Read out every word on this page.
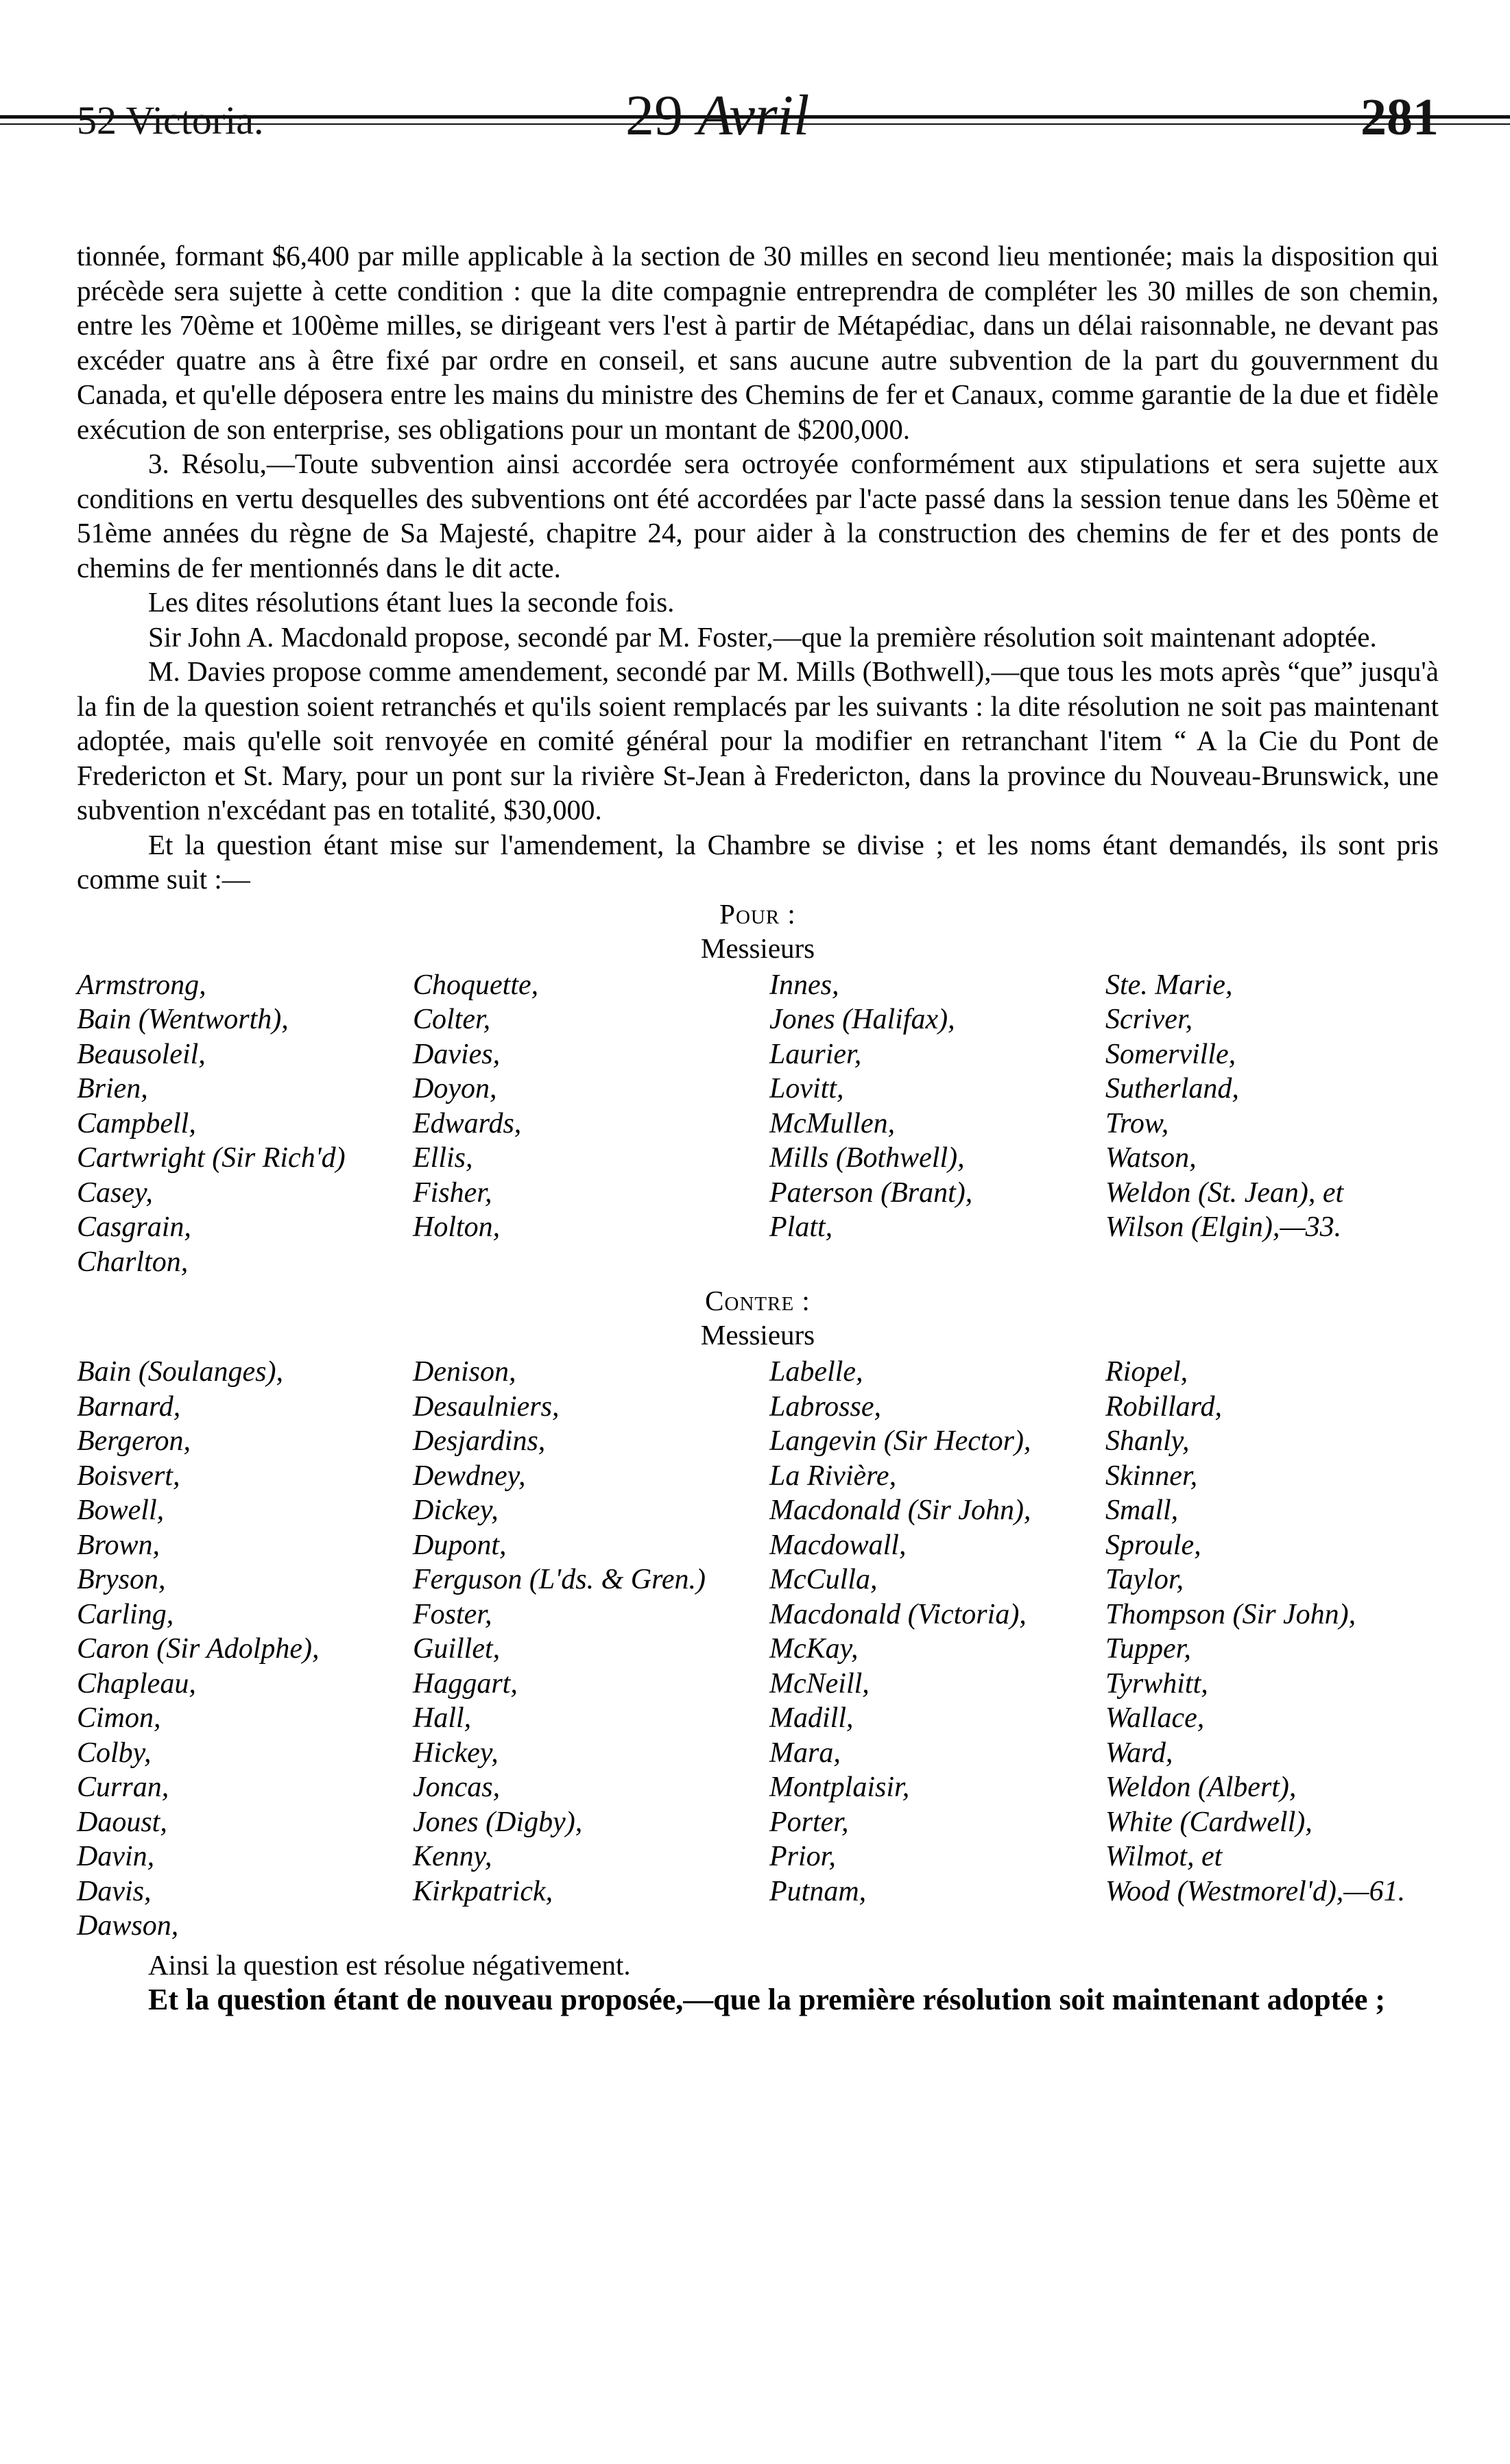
52 Victoria.	29 Avril	281

tionnée, formant $6,400 par mille applicable à la section de 30 milles en second lieu mentionée; mais la disposition qui précède sera sujette à cette condition : que la dite compagnie entreprendra de compléter les 30 milles de son chemin, entre les 70ème et 100ème milles, se dirigeant vers l'est à partir de Métapédiac, dans un délai raisonnable, ne devant pas excéder quatre ans à être fixé par ordre en conseil, et sans aucune autre subvention de la part du gouvernment du Canada, et qu'elle déposera entre les mains du ministre des Chemins de fer et Canaux, comme garantie de la due et fidèle exécution de son enterprise, ses obligations pour un montant de $200,000.

3. Résolu,—Toute subvention ainsi accordée sera octroyée conformément aux stipulations et sera sujette aux conditions en vertu desquelles des subventions ont été accordées par l'acte passé dans la session tenue dans les 50ème et 51ème années du règne de Sa Majesté, chapitre 24, pour aider à la construction des chemins de fer et des ponts de chemins de fer mentionnés dans le dit acte.

Les dites résolutions étant lues la seconde fois.

Sir John A. Macdonald propose, secondé par M. Foster,—que la première résolution soit maintenant adoptée.

M. Davies propose comme amendement, secondé par M. Mills (Bothwell),—que tous les mots après “que” jusqu'à la fin de la question soient retranchés et qu'ils soient remplacés par les suivants : la dite résolution ne soit pas maintenant adoptée, mais qu'elle soit renvoyée en comité général pour la modifier en retranchant l'item “ A la Cie du Pont de Fredericton et St. Mary, pour un pont sur la rivière St-Jean à Fredericton, dans la province du Nouveau-Brunswick, une subvention n'excédant pas en totalité, $30,000.

Et la question étant mise sur l'amendement, la Chambre se divise ; et les noms étant demandés, ils sont pris comme suit :—

Pour :

Messieurs

Armstrong,	Choquette,	Innes,	Ste. Marie,
Bain (Wentworth),	Colter,	Jones (Halifax),	Scriver,
Beausoleil,	Davies,	Laurier,	Somerville,
Brien,	Doyon,	Lovitt,	Sutherland,
Campbell,	Edwards,	McMullen,	Trow,
Cartwright (Sir Rich'd)	Ellis,	Mills (Bothwell),	Watson,
Casey,	Fisher,	Paterson (Brant),	Weldon (St. Jean), et
Casgrain,	Holton,	Platt,	Wilson (Elgin),—33.
Charlton,

Contre :

Messieurs

Bain (Soulanges),	Denison,	Labelle,	Riopel,
Barnard,	Desaulniers,	Labrosse,	Robillard,
Bergeron,	Desjardins,	Langevin (Sir Hector),	Shanly,
Boisvert,	Dewdney,	La Rivière,	Skinner,
Bowell,	Dickey,	Macdonald (Sir John),	Small,
Brown,	Dupont,	Macdowall,	Sproule,
Bryson,	Ferguson (L'ds. & Gren.)	McCulla,	Taylor,
Carling,	Foster,	Macdonald (Victoria),	Thompson (Sir John),
Caron (Sir Adolphe),	Guillet,	McKay,	Tupper,
Chapleau,	Haggart,	McNeill,	Tyrwhitt,
Cimon,	Hall,	Madill,	Wallace,
Colby,	Hickey,	Mara,	Ward,
Curran,	Joncas,	Montplaisir,	Weldon (Albert),
Daoust,	Jones (Digby),	Porter,	White (Cardwell),
Davin,	Kenny,	Prior,	Wilmot, et
Davis,	Kirkpatrick,	Putnam,	Wood (Westmorel'd),—61.
Dawson,

Ainsi la question est résolue négativement.

Et la question étant de nouveau proposée,—que la première résolution soit maintenant adoptée ;
